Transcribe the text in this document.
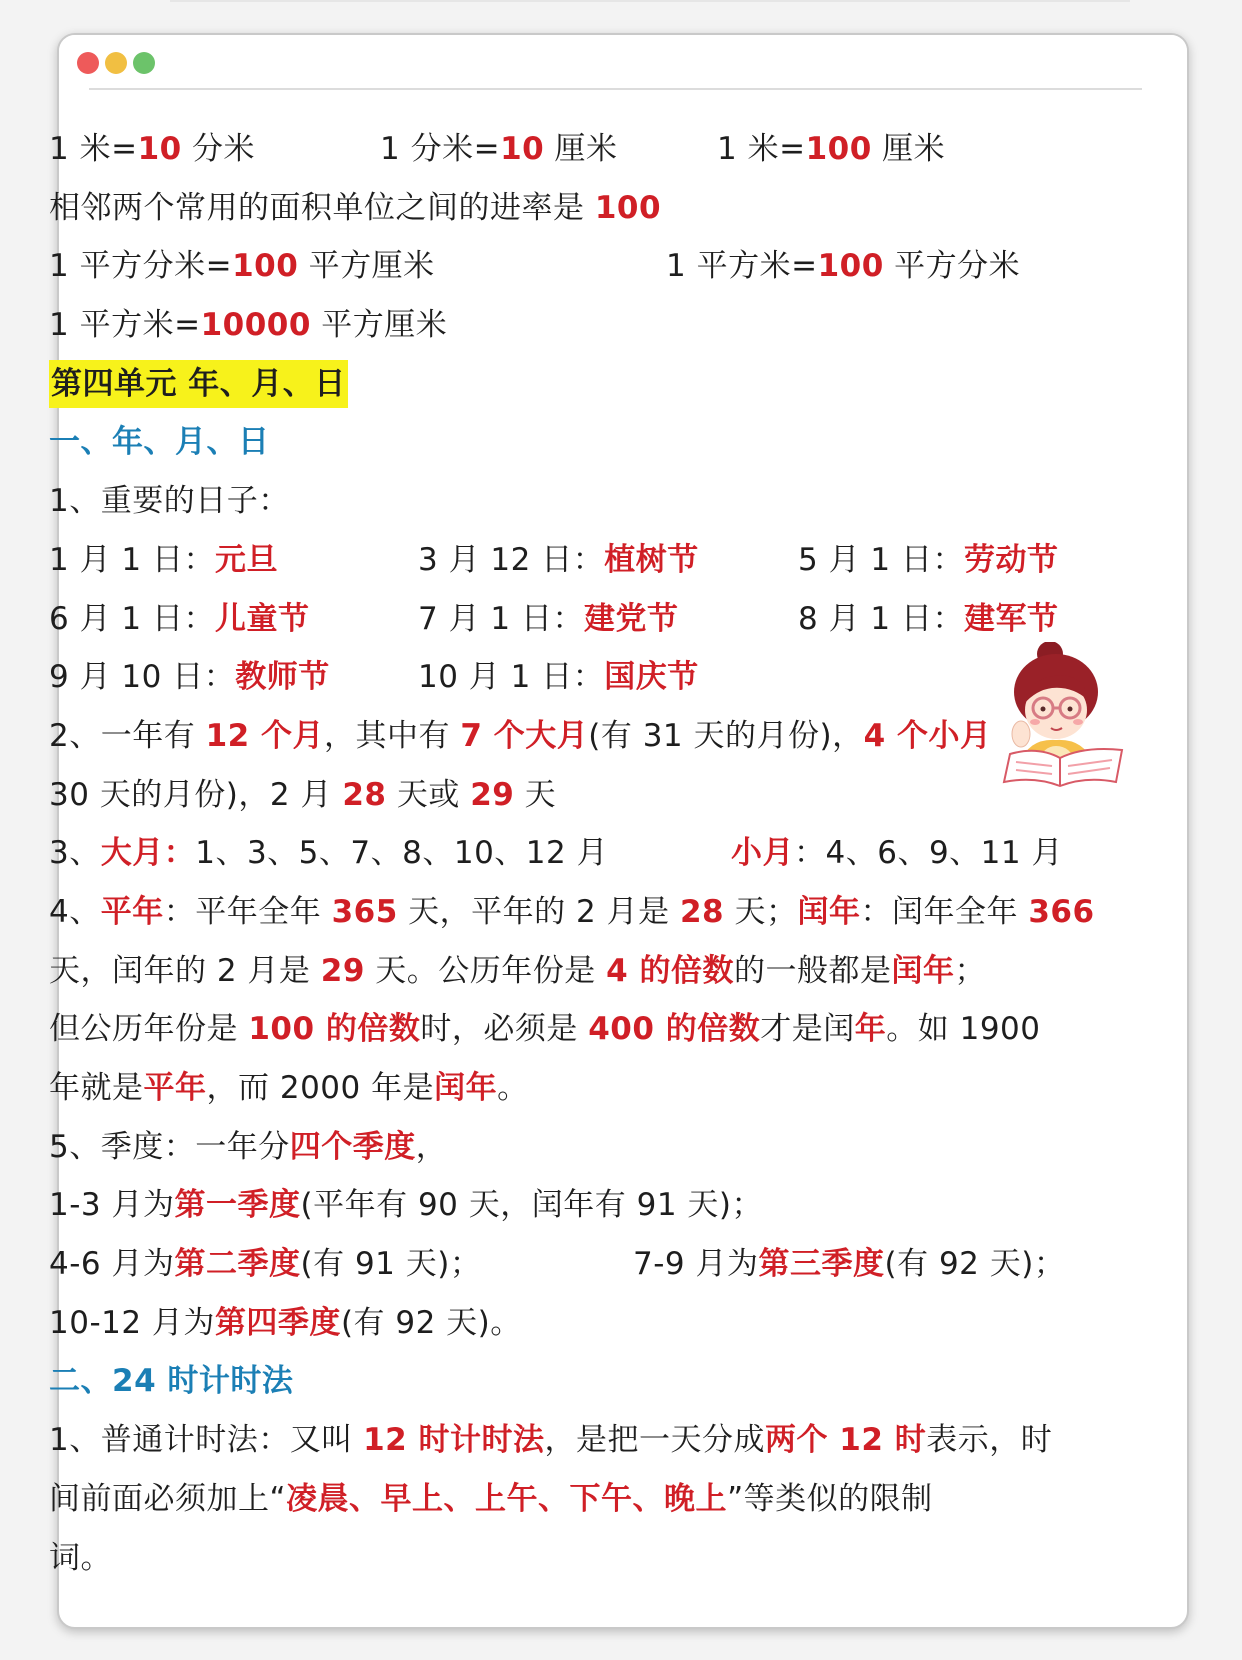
1 米=10 分米	1 分米=10 厘米	1 米=100 厘米
相邻两个常用的面积单位之间的进率是 100
1 平方分米=100 平方厘米	1 平方米=100 平方分米
1 平方米=10000 平方厘米
第四单元 年、月、日
一、年、月、日
1、重要的日子：
1 月 1 日：元旦	3 月 12 日：植树节	5 月 1 日：劳动节
6 月 1 日：儿童节	7 月 1 日：建党节	8 月 1 日：建军节
9 月 10 日：教师节	10 月 1 日：国庆节
2、一年有 12 个月，其中有 7 个大月(有 31 天的月份)，4 个小月
30 天的月份)，2 月 28 天或 29 天
3、大月：1、3、5、7、8、10、12 月	小月：4、6、9、11 月
4、平年：平年全年 365 天，平年的 2 月是 28 天；闰年：闰年全年 366
天，闰年的 2 月是 29 天。公历年份是 4 的倍数的一般都是闰年；
但公历年份是 100 的倍数时，必须是 400 的倍数才是闰年。如 1900
年就是平年，而 2000 年是闰年。
5、季度：一年分四个季度，
1-3 月为第一季度(平年有 90 天，闰年有 91 天)；
4-6 月为第二季度(有 91 天)；	7-9 月为第三季度(有 92 天)；
10-12 月为第四季度(有 92 天)。
二、24 时计时法
1、普通计时法：又叫 12 时计时法，是把一天分成两个 12 时表示，时
间前面必须加上“凌晨、早上、上午、下午、晚上”等类似的限制
词。
